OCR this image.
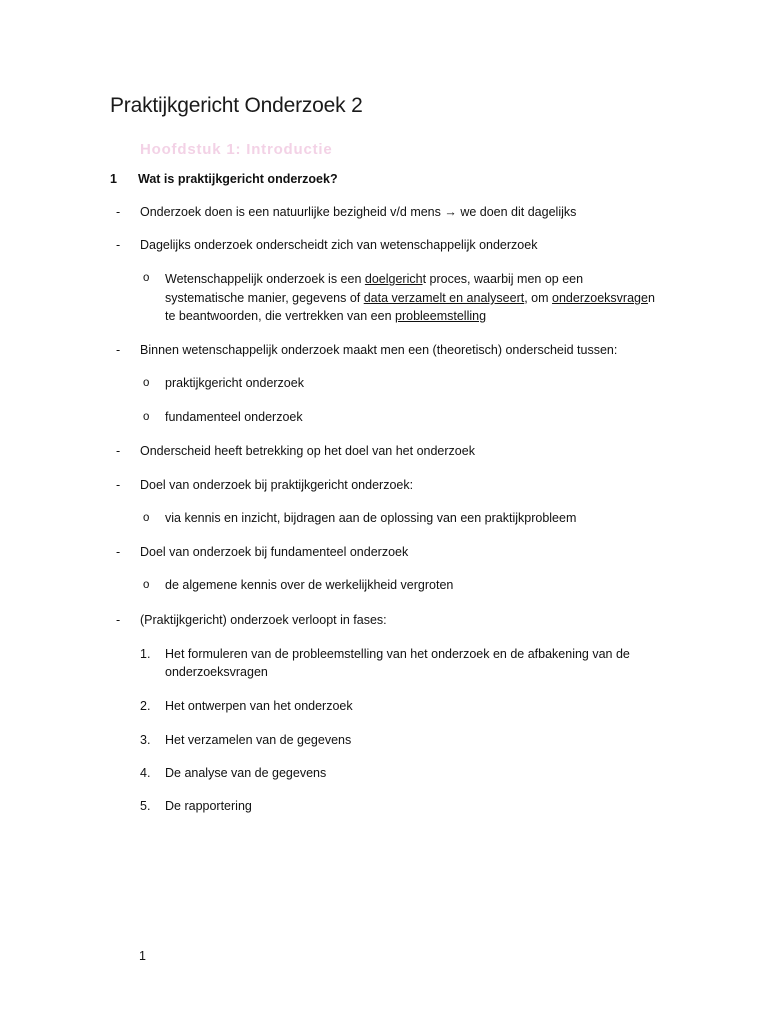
Praktijkgericht Onderzoek 2
Hoofdstuk 1: Introductie
1 Wat is praktijkgericht onderzoek?
- Onderzoek doen is een natuurlijke bezigheid v/d mens → we doen dit dagelijks
- Dagelijks onderzoek onderscheidt zich van wetenschappelijk onderzoek
o Wetenschappelijk onderzoek is een doelgericht proces, waarbij men op een
systematische manier, gegevens of data verzamelt en analyseert, om onderzoeksvragen
te beantwoorden, die vertrekken van een probleemstelling
- Binnen wetenschappelijk onderzoek maakt men een (theoretisch) onderscheid tussen:
o praktijkgericht onderzoek
o fundamenteel onderzoek
- Onderscheid heeft betrekking op het doel van het onderzoek
- Doel van onderzoek bij praktijkgericht onderzoek:
o via kennis en inzicht, bijdragen aan de oplossing van een praktijkprobleem
- Doel van onderzoek bij fundamenteel onderzoek
o de algemene kennis over de werkelijkheid vergroten
- (Praktijkgericht) onderzoek verloopt in fases:
1. Het formuleren van de probleemstelling van het onderzoek en de afbakening van de
onderzoeksvragen
2. Het ontwerpen van het onderzoek
3. Het verzamelen van de gegevens
4. De analyse van de gegevens
5. De rapportering
1
